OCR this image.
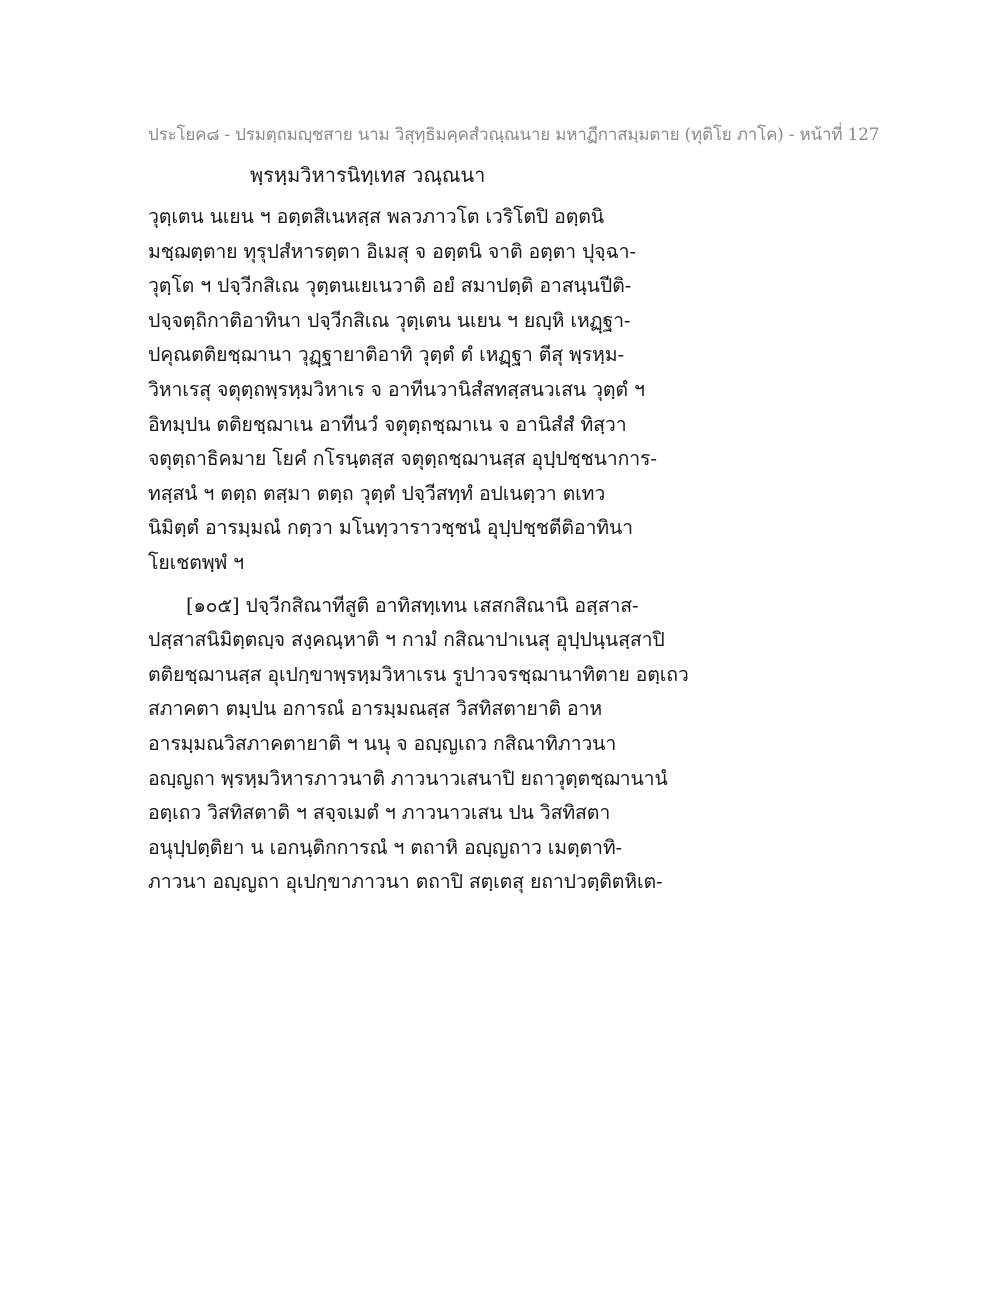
ประโยค๘ - ปรมตฺถมญฺชสาย นาม วิสุทฺธิมคฺคสํวณฺณนาย มหาฏีกาสมฺมตาย (ทุติโย ภาโค) - หน้าที่ 127
พฺรหฺมวิหารนิทฺเทส วณฺณนา
วุตฺเตน นเยน ฯ อตฺตสิเนหสฺส พลวภาวโต เวริโตปิ อตฺตนิ
มชฺฌตฺตาย ทุรุปสํหารตฺตา อิเมสุ จ อตฺตนิ จาติ อตฺตา ปุจฺฉา-
วุตฺโต ฯ ปจฺวีกสิเณ วุตฺตนเยเนวาติ อยํ สมาปตฺติ อาสนฺนปีติ-
ปจฺจตฺถิกาติอาทินา ปจฺวีกสิเณ วุตฺเตน นเยน ฯ ยญฺหิ เหฏฺฐา-
ปคุณตติยชฺฌานา วุฏฺฐายาติอาทิ วุตฺตํ ตํ เหฏฺฐา ตีสุ พฺรหฺม-
วิหาเรสุ จตุตฺถพฺรหฺมวิหาเร จ อาทีนวานิสํสทสฺสนวเสน วุตฺตํ ฯ
อิทมฺปน ตติยชฺฌาเน อาทีนวํ จตุตฺถชฺฌาเน จ อานิสํสํ ทิสฺวา
จตุตฺถาธิคมาย โยคํ กโรนฺตสฺส จตุตฺถชฺฌานสฺส อุปฺปชฺชนาการ-
ทสฺสนํ ฯ ตตฺถ ตสฺมา ตตฺถ วุตฺตํ ปจฺวีสทฺทํ อปเนตฺวา ตเทว
นิมิตฺตํ อารมฺมณํ กตฺวา มโนทฺวาราวชฺชนํ อุปฺปชฺชตีติอาทินา
โยเชตพฺพํ ฯ
[๑๐๕] ปจฺวีกสิณาทีสูติ อาทิสทฺเทน เสสกสิณานิ อสฺสาส-
ปสฺสาสนิมิตฺตญฺจ สงฺคณฺหาติ ฯ กามํ กสิณาปาเนสุ อุปฺปนฺนสฺสาปิ
ตติยชฺฌานสฺส อุเปกฺขาพฺรหฺมวิหาเรน รูปาวจรชฺฌานาทิตาย อตฺเถว
สภาคตา ตมฺปน อการณํ อารมฺมณสฺส วิสทิสตายาติ อาห
อารมฺมณวิสภาคตายาติ ฯ นนุ จ อญฺญเถว กสิณาทิภาวนา
อญฺญถา พฺรหฺมวิหารภาวนาติ ภาวนาวเสนาปิ ยถาวุตฺตชฺฌานานํ
อตฺเถว วิสทิสตาติ ฯ สจฺจเมตํ ฯ ภาวนาวเสน ปน วิสทิสตา
อนุปฺปตฺติยา น เอกนฺติกการณํ ฯ ตถาหิ อญฺญถาว เมตฺตาทิ-
ภาวนา อญฺญถา อุเปกฺขาภาวนา ตถาปิ สตฺเตสุ ยถาปวตฺติตหิเต-
